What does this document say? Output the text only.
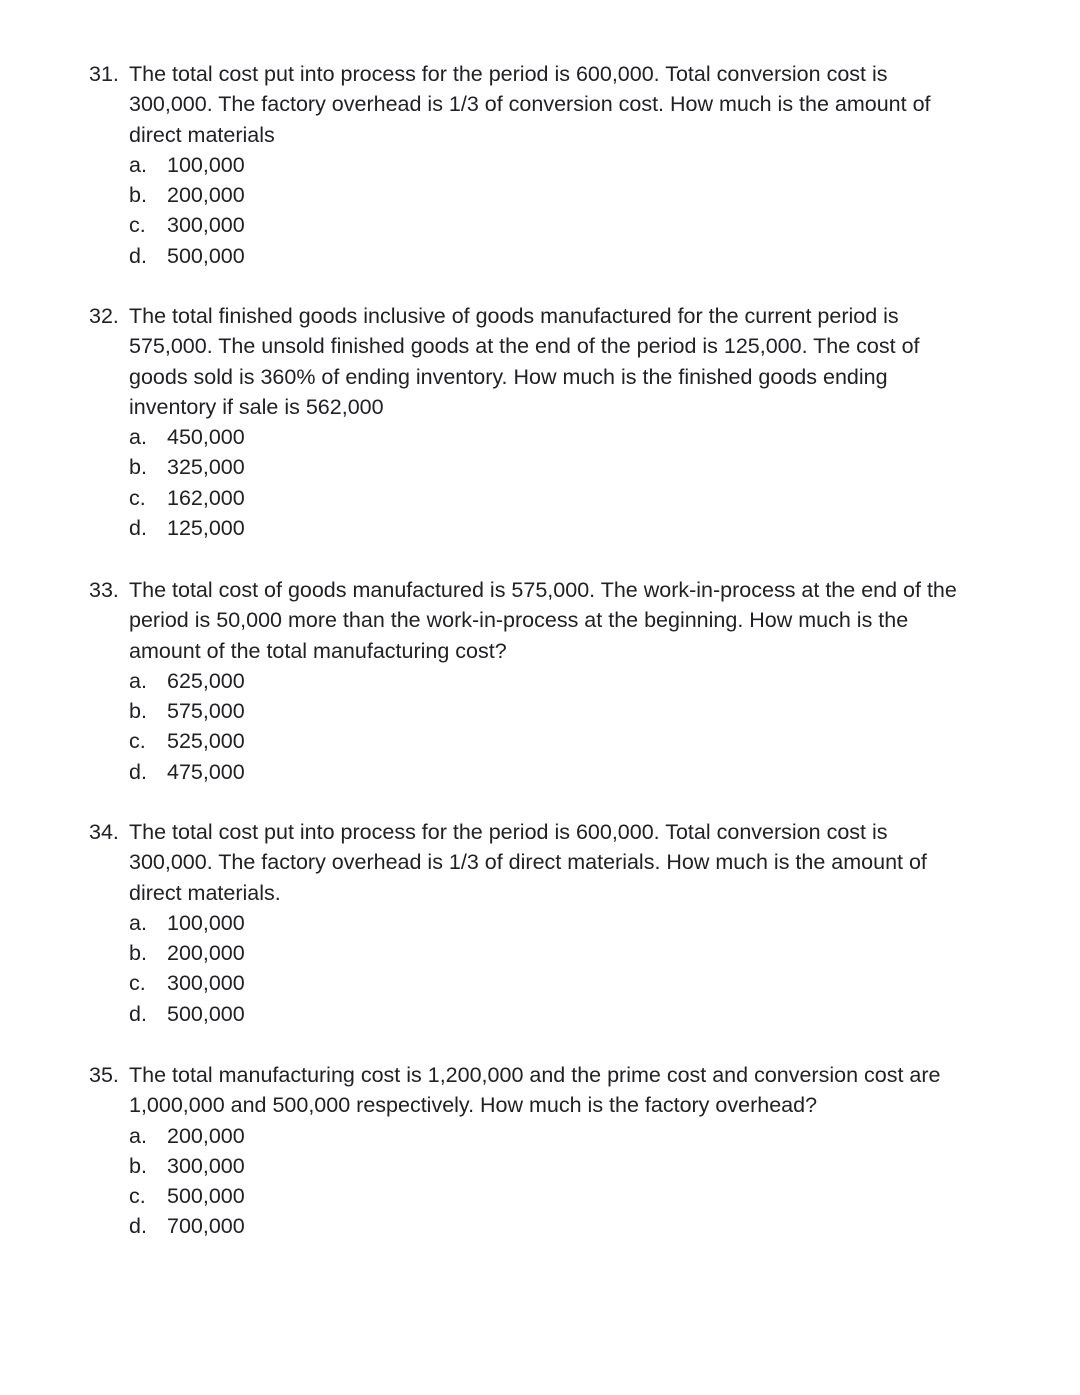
31. The total cost put into process for the period is 600,000. Total conversion cost is
300,000. The factory overhead is 1/3 of conversion cost. How much is the amount of
direct materials
a. 100,000
b. 200,000
c. 300,000
d. 500,000
32. The total finished goods inclusive of goods manufactured for the current period is
575,000. The unsold finished goods at the end of the period is 125,000. The cost of
goods sold is 360% of ending inventory. How much is the finished goods ending
inventory if sale is 562,000
a. 450,000
b. 325,000
c. 162,000
d. 125,000
33. The total cost of goods manufactured is 575,000. The work-in-process at the end of the
period is 50,000 more than the work-in-process at the beginning. How much is the
amount of the total manufacturing cost?
a. 625,000
b. 575,000
c. 525,000
d. 475,000
34. The total cost put into process for the period is 600,000. Total conversion cost is
300,000. The factory overhead is 1/3 of direct materials. How much is the amount of
direct materials.
a. 100,000
b. 200,000
c. 300,000
d. 500,000
35. The total manufacturing cost is 1,200,000 and the prime cost and conversion cost are
1,000,000 and 500,000 respectively. How much is the factory overhead?
a. 200,000
b. 300,000
c. 500,000
d. 700,000
